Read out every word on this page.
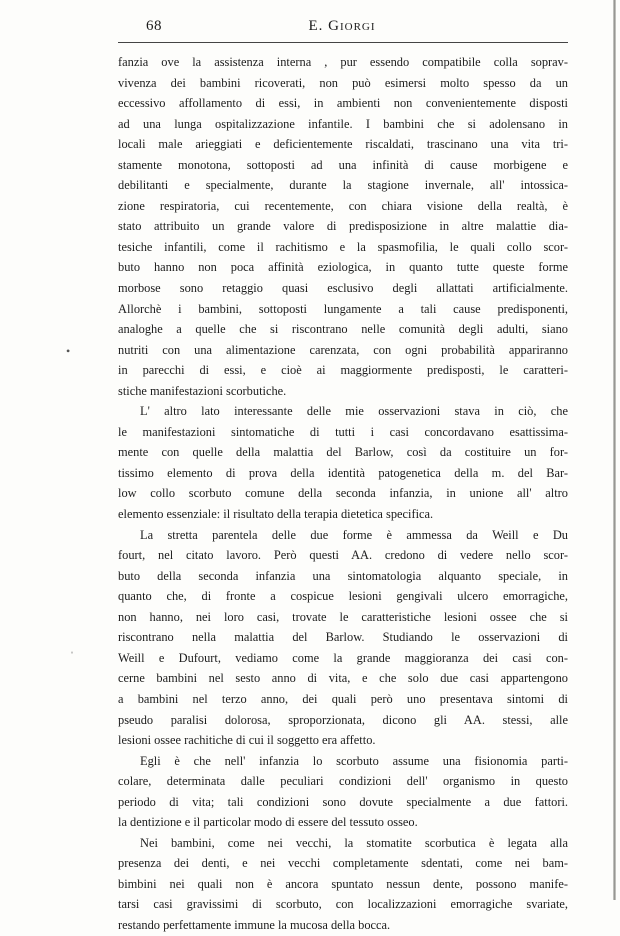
68	E. Giorgi
•
ˌ
fanzia ove la assistenza interna , pur essendo compatibile colla soprav-
vivenza dei bambini ricoverati, non può esimersi molto spesso da un
eccessivo affollamento di essi, in ambienti non convenientemente disposti
ad una lunga ospitalizzazione infantile. I bambini che si adolensano in
locali male arieggiati e deficientemente riscaldati, trascinano una vita tri-
stamente monotona, sottoposti ad una infinità di cause morbigene e
debilitanti e specialmente, durante la stagione invernale, all' intossica-
zione respiratoria, cui recentemente, con chiara visione della realtà, è
stato attribuito un grande valore di predisposizione in altre malattie dia-
tesiche infantili, come il rachitismo e la spasmofilia, le quali collo scor-
buto hanno non poca affinità eziologica, in quanto tutte queste forme
morbose sono retaggio quasi esclusivo degli allattati artificialmente.
Allorchè i bambini, sottoposti lungamente a tali cause predisponenti,
analoghe a quelle che si riscontrano nelle comunità degli adulti, siano
nutriti con una alimentazione carenzata, con ogni probabilità appariranno
in parecchi di essi, e cioè ai maggiormente predisposti, le caratteri-
stiche manifestazioni scorbutiche.
L' altro lato interessante delle mie osservazioni stava in ciò, che
le manifestazioni sintomatiche di tutti i casi concordavano esattissima-
mente con quelle della malattia del Barlow, così da costituire un for-
tissimo elemento di prova della identità patogenetica della m. del Bar-
low collo scorbuto comune della seconda infanzia, in unione all' altro
elemento essenziale: il risultato della terapia dietetica specifica.
La stretta parentela delle due forme è ammessa da Weill e Du
fourt, nel citato lavoro. Però questi AA. credono di vedere nello scor-
buto della seconda infanzia una sintomatologia alquanto speciale, in
quanto che, di fronte a cospicue lesioni gengivali ulcero emorragiche,
non hanno, nei loro casi, trovate le caratteristiche lesioni ossee che si
riscontrano nella malattia del Barlow. Studiando le osservazioni di
Weill e Dufourt, vediamo come la grande maggioranza dei casi con-
cerne bambini nel sesto anno di vita, e che solo due casi appartengono
a bambini nel terzo anno, dei quali però uno presentava sintomi di
pseudo paralisi dolorosa, sproporzionata, dicono gli AA. stessi, alle
lesioni ossee rachitiche di cui il soggetto era affetto.
Egli è che nell' infanzia lo scorbuto assume una fisionomia parti-
colare, determinata dalle peculiari condizioni dell' organismo in questo
periodo di vita; tali condizioni sono dovute specialmente a due fattori.
la dentizione e il particolar modo di essere del tessuto osseo.
Nei bambini, come nei vecchi, la stomatite scorbutica è legata alla
presenza dei denti, e nei vecchi completamente sdentati, come nei bam-
bimbini nei quali non è ancora spuntato nessun dente, possono manife-
tarsi casi gravissimi di scorbuto, con localizzazioni emorragiche svariate,
restando perfettamente immune la mucosa della bocca.
